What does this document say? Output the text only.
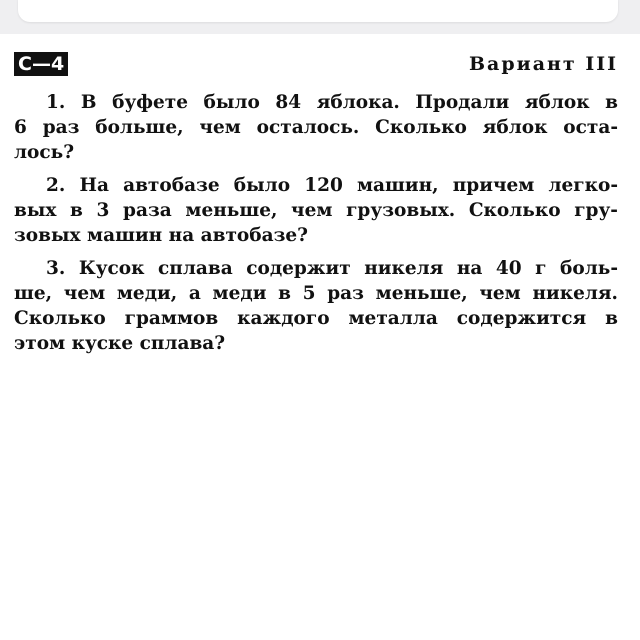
С—4	Вариант III
1. В буфете было 84 яблока. Продали яблок в
6 раз больше, чем осталось. Сколько яблок оста-
лось?
2. На автобазе было 120 машин, причем легко-
вых в 3 раза меньше, чем грузовых. Сколько гру-
зовых машин на автобазе?
3. Кусок сплава содержит никеля на 40 г боль-
ше, чем меди, а меди в 5 раз меньше, чем никеля.
Сколько граммов каждого металла содержится в
этом куске сплава?
